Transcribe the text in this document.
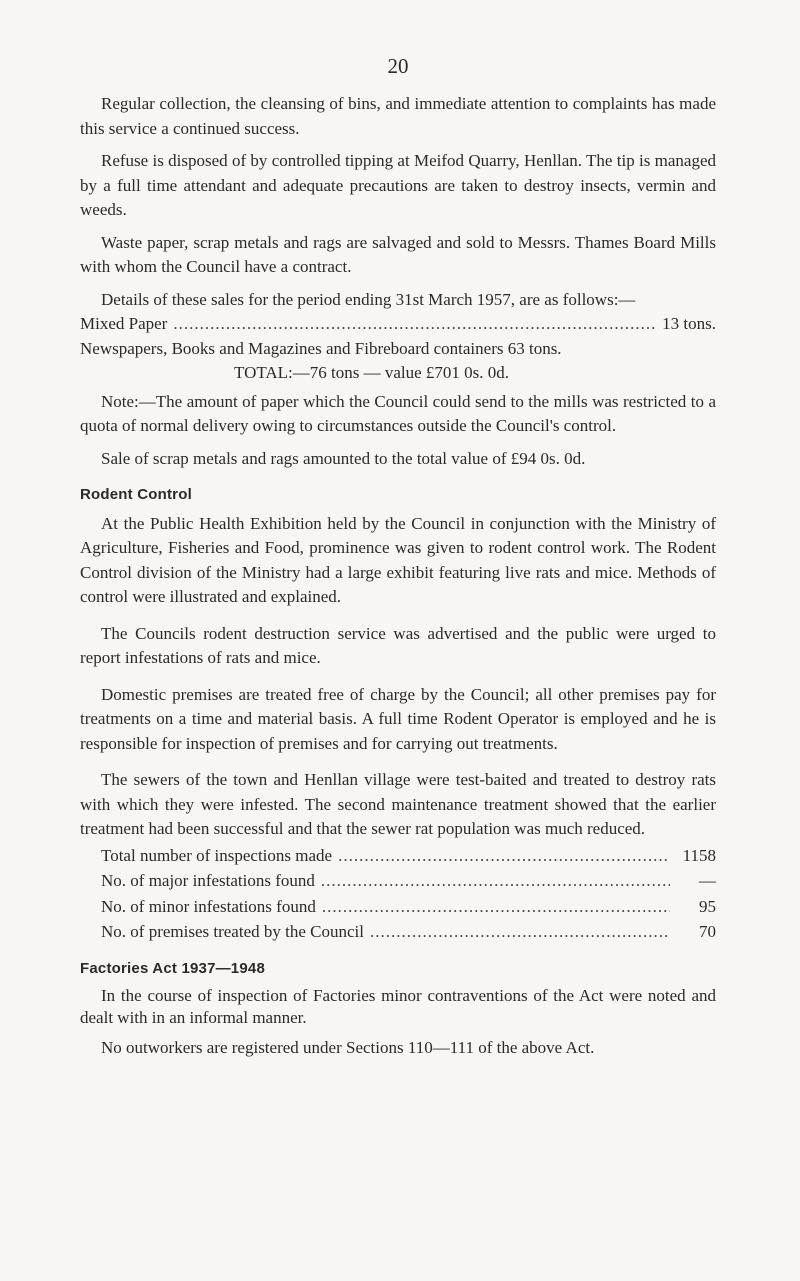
20

Regular collection, the cleansing of bins, and immediate attention to complaints has made this service a continued success.

Refuse is disposed of by controlled tipping at Meifod Quarry, Henllan. The tip is managed by a full time attendant and adequate precautions are taken to destroy insects, vermin and weeds.

Waste paper, scrap metals and rags are salvaged and sold to Messrs. Thames Board Mills with whom the Council have a contract.

Details of these sales for the period ending 31st March 1957, are as follows:—

Mixed Paper .....	13 tons.
Newspapers, Books and Magazines and Fibreboard containers 63 tons.
TOTAL:—76 tons — value £701 0s. 0d.

Note:—The amount of paper which the Council could send to the mills was restricted to a quota of normal delivery owing to circumstances outside the Council's control.

Sale of scrap metals and rags amounted to the total value of £94 0s. 0d.

Rodent Control

At the Public Health Exhibition held by the Council in conjunction with the Ministry of Agriculture, Fisheries and Food, prominence was given to rodent control work. The Rodent Control division of the Ministry had a large exhibit featuring live rats and mice. Methods of control were illustrated and explained.

The Councils rodent destruction service was advertised and the public were urged to report infestations of rats and mice.

Domestic premises are treated free of charge by the Council; all other premises pay for treatments on a time and material basis. A full time Rodent Operator is employed and he is responsible for inspection of premises and for carrying out treatments.

The sewers of the town and Henllan village were test-baited and treated to destroy rats with which they were infested. The second maintenance treatment showed that the earlier treatment had been successful and that the sewer rat population was much reduced.

Total number of inspections made .....	1158
No. of major infestations found .....	—
No. of minor infestations found .....	95
No. of premises treated by the Council .....	70
Factories Act 1937—1948

In the course of inspection of Factories minor contraventions of the Act were noted and dealt with in an informal manner.

No outworkers are registered under Sections 110—111 of the above Act.
